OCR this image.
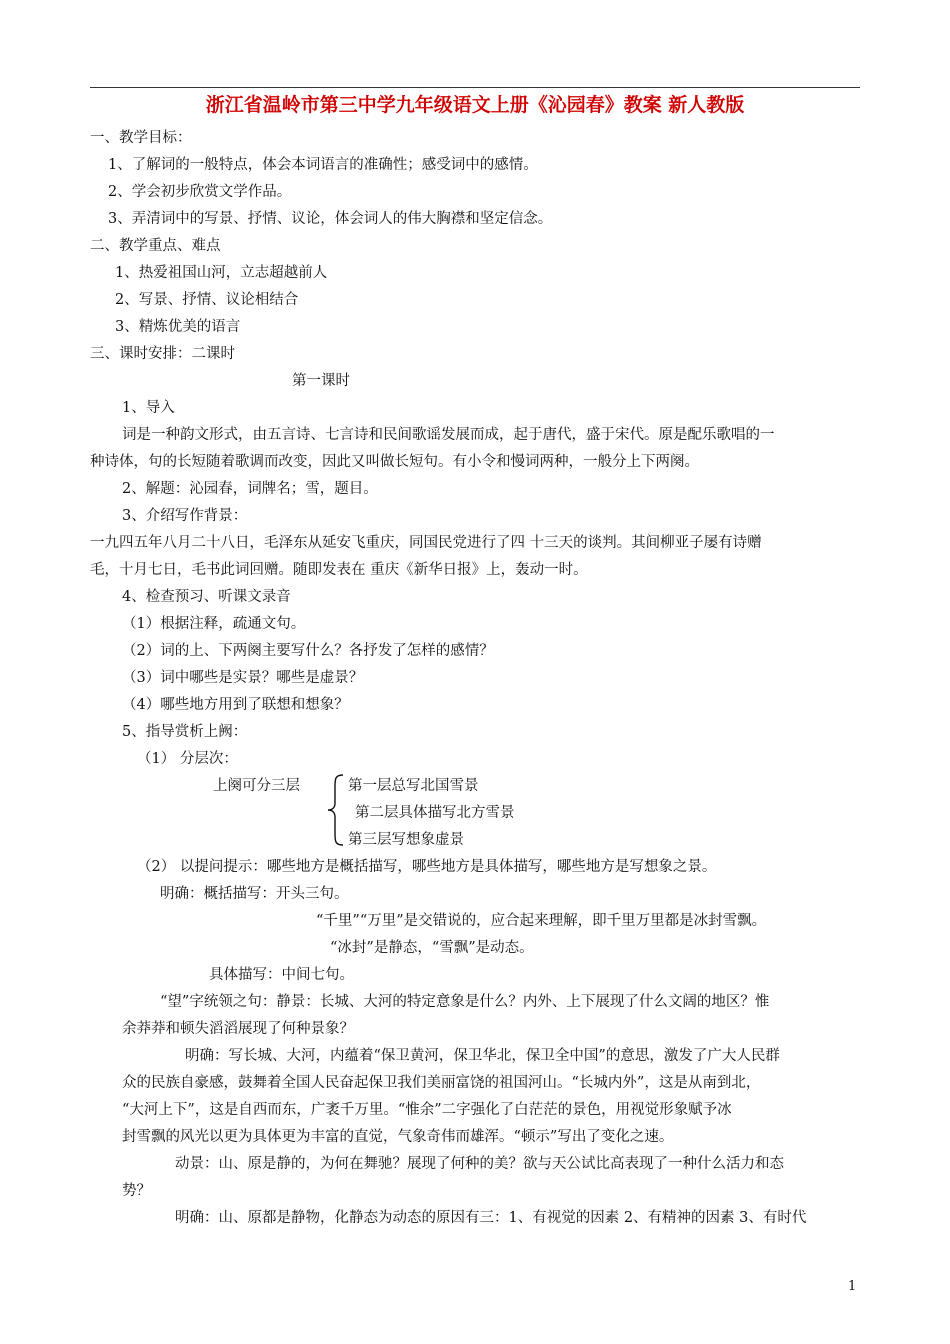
浙江省温岭市第三中学九年级语文上册《沁园春》教案 新人教版
一、教学目标：
1、了解词的一般特点，体会本词语言的准确性；感受词中的感情。
2、学会初步欣赏文学作品。
3、弄清词中的写景、抒情、议论，体会词人的伟大胸襟和坚定信念。
二、教学重点、难点
1、热爱祖国山河，立志超越前人
2、写景、抒情、议论相结合
3、精炼优美的语言
三、课时安排：二课时
第一课时
1、导入
词是一种韵文形式，由五言诗、七言诗和民间歌谣发展而成，起于唐代，盛于宋代。原是配乐歌唱的一
种诗体，句的长短随着歌调而改变，因此又叫做长短句。有小令和慢词两种，一般分上下两阕。
2、解题：沁园春，词牌名；雪，题目。
3、介绍写作背景：
一九四五年八月二十八日，毛泽东从延安飞重庆，同国民党进行了四 十三天的谈判。其间柳亚子屡有诗赠
毛，十月七日，毛书此词回赠。随即发表在 重庆《新华日报》上，轰动一时。
4、检查预习、听课文录音
（1）根据注释，疏通文句。
（2）词的上、下两阕主要写什么？各抒发了怎样的感情？
（3）词中哪些是实景？哪些是虚景？
（4）哪些地方用到了联想和想象？
5、指导赏析上阙：
（1） 分层次：
上阕可分三层	第一层总写北国雪景
第二层具体描写北方雪景
第三层写想象虚景
（2） 以提问提示：哪些地方是概括描写，哪些地方是具体描写，哪些地方是写想象之景。
明确：概括描写：开头三句。
“千里”“万里”是交错说的，应合起来理解，即千里万里都是冰封雪飘。
“冰封”是静态，“雪飘”是动态。
具体描写：中间七句。
“望”字统领之句：静景：长城、大河的特定意象是什么？内外、上下展现了什么文阔的地区？惟
余莽莽和顿失滔滔展现了何种景象？
明确：写长城、大河，内蕴着“保卫黄河，保卫华北，保卫全中国”的意思，激发了广大人民群
众的民族自豪感，鼓舞着全国人民奋起保卫我们美丽富饶的祖国河山。“长城内外”，这是从南到北，
“大河上下”，这是自西而东，广袤千万里。“惟余”二字强化了白茫茫的景色，用视觉形象赋予冰
封雪飘的风光以更为具体更为丰富的直觉，气象奇伟而雄浑。“顿示”写出了变化之速。
动景：山、原是静的，为何在舞驰？展现了何种的美？欲与天公试比高表现了一种什么活力和态
势？
明确：山、原都是静物，化静态为动态的原因有三：1、有视觉的因素 2、有精神的因素 3、有时代
1
